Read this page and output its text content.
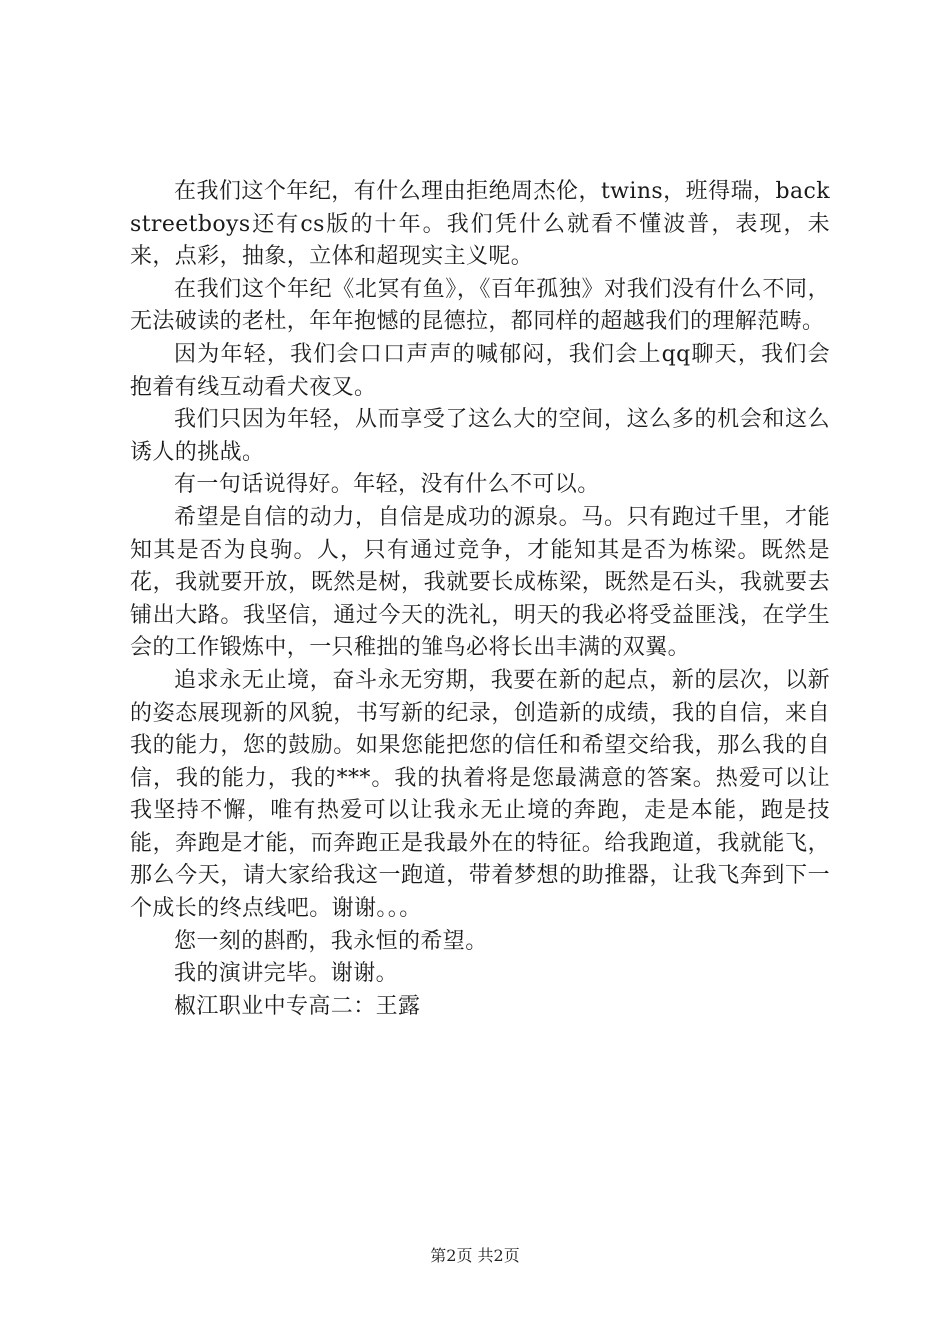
在我们这个年纪，有什么理由拒绝周杰伦，twins，班得瑞，backstreetboys还有cs版的十年。我们凭什么就看不懂波普，表现，未来，点彩，抽象，立体和超现实主义呢。

在我们这个年纪《北冥有鱼》，《百年孤独》对我们没有什么不同，无法破读的老杜，年年抱憾的昆德拉，都同样的超越我们的理解范畴。

因为年轻，我们会口口声声的喊郁闷，我们会上qq聊天，我们会抱着有线互动看犬夜叉。

我们只因为年轻，从而享受了这么大的空间，这么多的机会和这么诱人的挑战。

有一句话说得好。年轻，没有什么不可以。

希望是自信的动力，自信是成功的源泉。马。只有跑过千里，才能知其是否为良驹。人，只有通过竞争，才能知其是否为栋梁。既然是花，我就要开放，既然是树，我就要长成栋梁，既然是石头，我就要去铺出大路。我坚信，通过今天的洗礼，明天的我必将受益匪浅，在学生会的工作锻炼中，一只稚拙的雏鸟必将长出丰满的双翼。

追求永无止境，奋斗永无穷期，我要在新的起点，新的层次，以新的姿态展现新的风貌，书写新的纪录，创造新的成绩，我的自信，来自我的能力，您的鼓励。如果您能把您的信任和希望交给我，那么我的自信，我的能力，我的***。我的执着将是您最满意的答案。热爱可以让我坚持不懈，唯有热爱可以让我永无止境的奔跑，走是本能，跑是技能，奔跑是才能，而奔跑正是我最外在的特征。给我跑道，我就能飞，那么今天，请大家给我这一跑道，带着梦想的助推器，让我飞奔到下一个成长的终点线吧。谢谢。。。

您一刻的斟酌，我永恒的希望。

我的演讲完毕。谢谢。

椒江职业中专高二：王露

第2页 共2页
